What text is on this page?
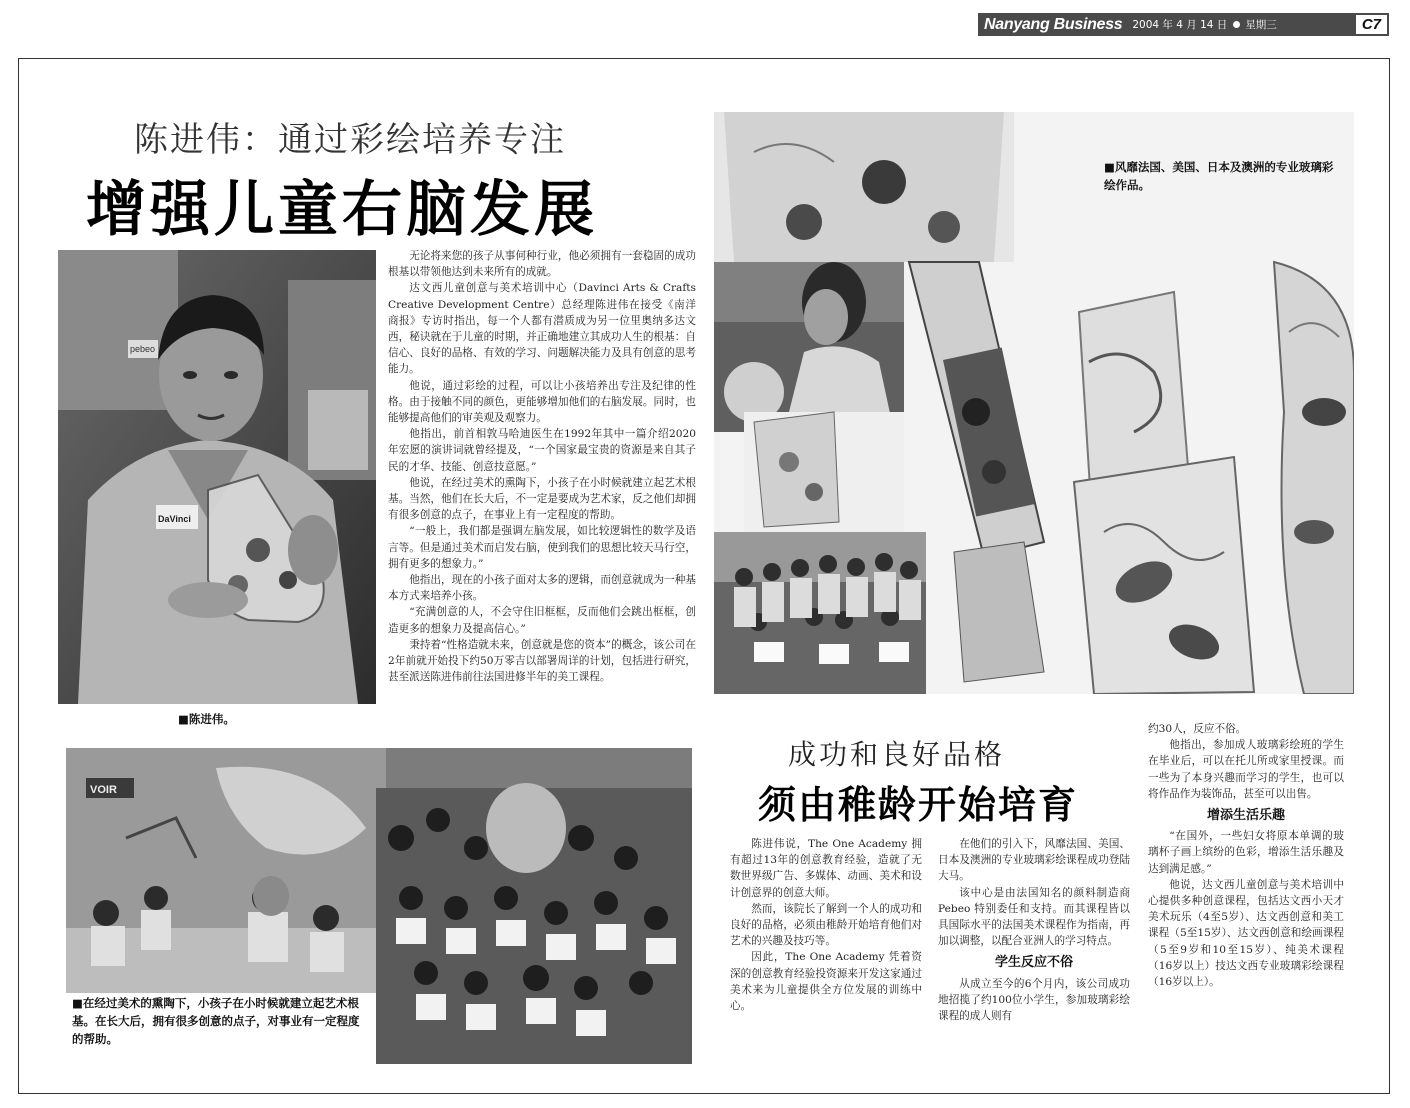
Nanyang Business 2004 年 4 月 14 日 星期三	C7
陈进伟：通过彩绘培养专注
增强儿童右脑发展
pebeo
DaVinci
■陈进伟。

无论将来您的孩子从事何种行业，他必须拥有一套稳固的成功根基以带领他达到未来所有的成就。

达文西儿童创意与美术培训中心（Davinci Arts & Crafts Creative Development Centre）总经理陈进伟在接受《南洋商报》专访时指出，每一个人都有潜质成为另一位里奥纳多达文西，秘诀就在于儿童的时期，并正确地建立其成功人生的根基：自信心、良好的品格、有效的学习、问题解决能力及具有创意的思考能力。

他说，通过彩绘的过程，可以让小孩培养出专注及纪律的性格。由于接触不同的颜色，更能够增加他们的右脑发展。同时，也能够提高他们的审美观及观察力。

他指出，前首相敦马哈迪医生在1992年其中一篇介绍2020年宏愿的演讲词就曾经提及，“一个国家最宝贵的资源是来自其子民的才华、技能、创意技意愿。”

他说，在经过美术的熏陶下，小孩子在小时候就建立起艺术根基。当然，他们在长大后，不一定是要成为艺术家，反之他们却拥有很多创意的点子，在事业上有一定程度的帮助。

“一般上，我们都是强调左脑发展，如比较逻辑性的数学及语言等。但是通过美术而启发右脑，使到我们的思想比较天马行空，拥有更多的想象力。”

他指出，现在的小孩子面对太多的逻辑，而创意就成为一种基本方式来培养小孩。

“充满创意的人，不会守住旧框框，反而他们会跳出框框，创造更多的想象力及提高信心。”

秉持着“性格造就未来，创意就是您的资本”的概念，该公司在2年前就开始投下约50万零吉以部署周详的计划，包括进行研究，甚至派送陈进伟前往法国进修半年的美工课程。

■风靡法国、美国、日本及澳洲的专业玻璃彩绘作品。
VOIR
■在经过美术的熏陶下，小孩子在小时候就建立起艺术根基。在长大后，拥有很多创意的点子，对事业有一定程度的帮助。
成功和良好品格
须由稚龄开始培育

陈进伟说，The One Academy 拥有超过13年的创意教育经验，造就了无数世界级广告、多媒体、动画、美术和设计创意界的创意大师。

然而，该院长了解到一个人的成功和良好的品格，必须由稚龄开始培育他们对艺术的兴趣及技巧等。

因此，The One Academy 凭着资深的创意教育经验投资源来开发这家通过美术来为儿童提供全方位发展的训练中心。

在他们的引入下，风靡法国、美国、日本及澳洲的专业玻璃彩绘课程成功登陆大马。

该中心是由法国知名的颜料制造商 Pebeo 特别委任和支持。而其课程皆以具国际水平的法国美术课程作为指南，再加以调整，以配合亚洲人的学习特点。

学生反应不俗

从成立至今的6个月内，该公司成功地招揽了约100位小学生，参加玻璃彩绘课程的成人则有

约30人，反应不俗。

他指出，参加成人玻璃彩绘班的学生在毕业后，可以在托儿所或家里授课。而一些为了本身兴趣而学习的学生，也可以将作品作为装饰品，甚至可以出售。

增添生活乐趣

“在国外，一些妇女将原本单调的玻璃杯子画上缤纷的色彩，增添生活乐趣及达到满足感。”

他说，达文西儿童创意与美术培训中心提供多种创意课程，包括达文西小天才美术玩乐（4至5岁）、达文西创意和美工课程（5至15岁）、达文西创意和绘画课程（5至9岁和10至15岁）、纯美术课程（16岁以上）技达文西专业玻璃彩绘课程（16岁以上）。
